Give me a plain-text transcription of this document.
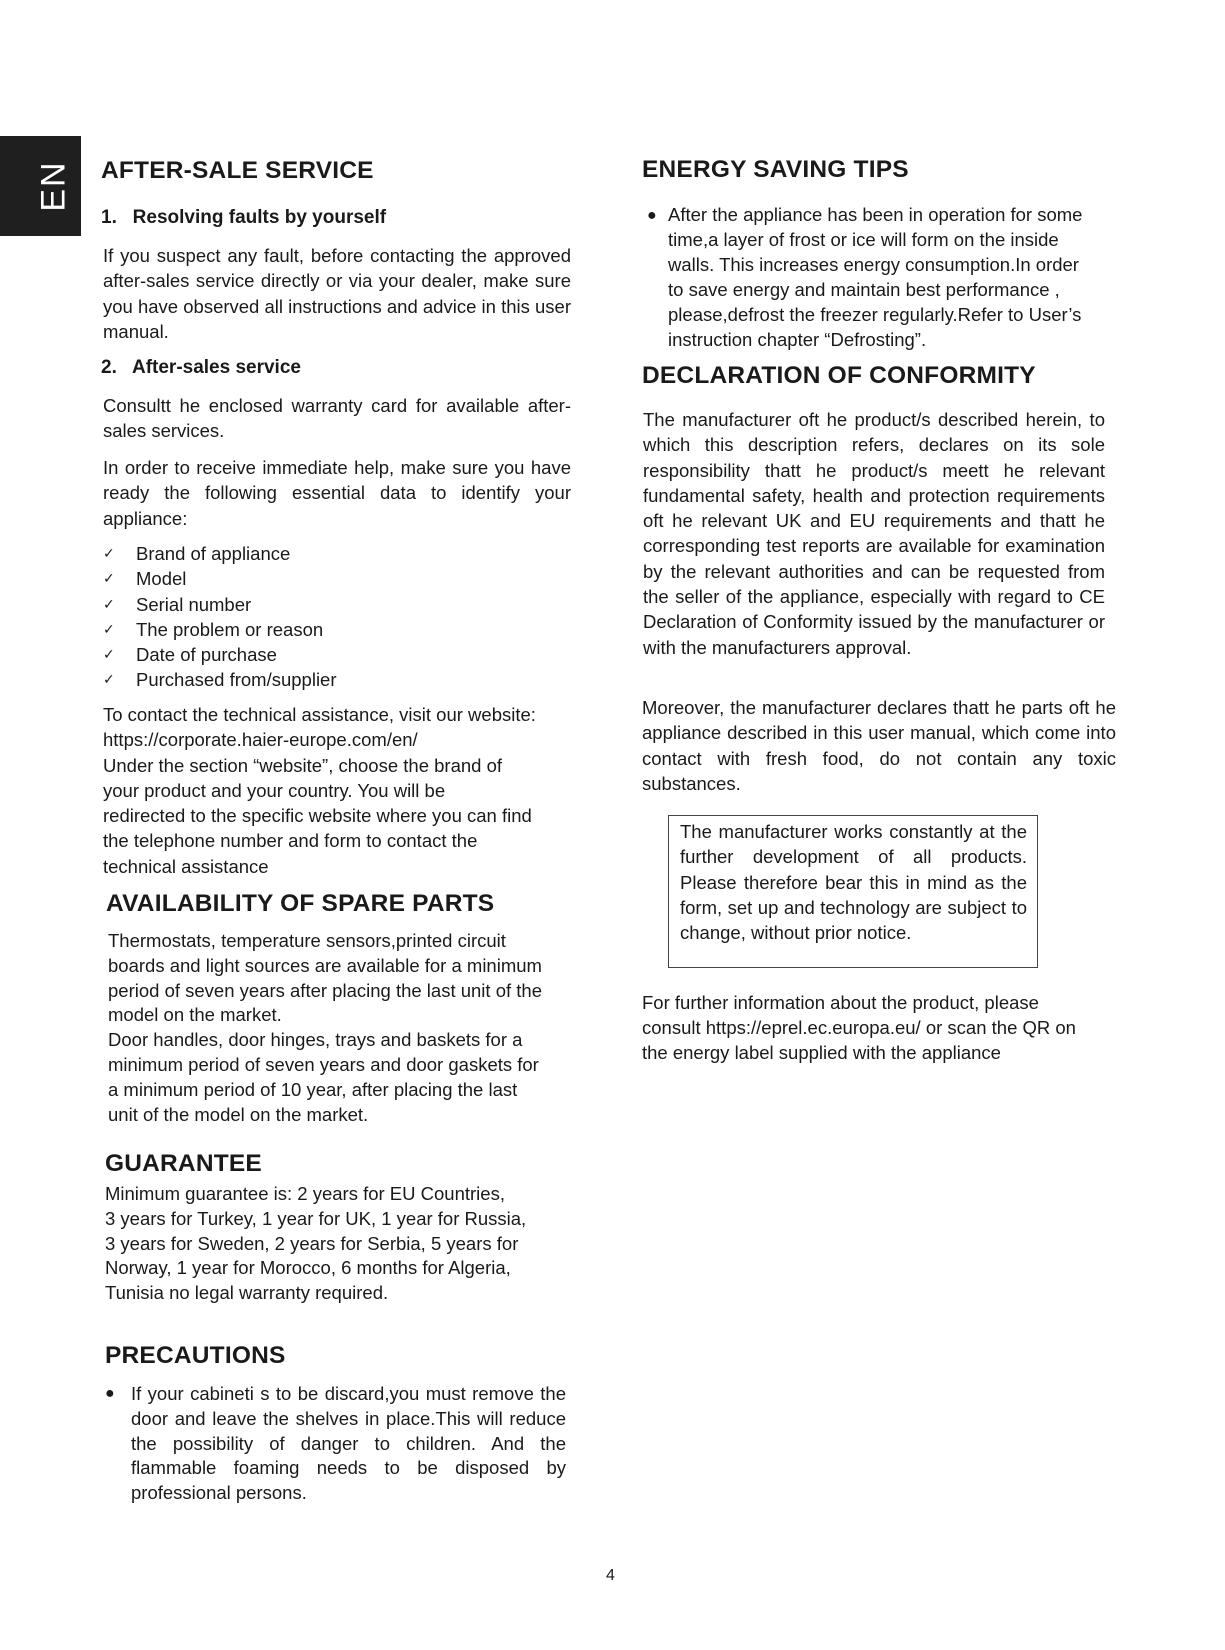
EN AFTER-SALE SERVICE
1.   Resolving faults by yourself

If you suspect any fault, before contacting the approved after-sales service directly or via your dealer, make sure you have observed all instructions and advice in this user manual.

2.   After-sales service

Consultt he enclosed warranty card for available after-sales services.

In order to receive immediate help, make sure you have ready the following essential data to identify your appliance:

✓ Brand of appliance
✓ Model
✓ Serial number
✓ The problem or reason
✓ Date of purchase
✓ Purchased from/supplier

To contact the technical assistance, visit our website:
https://corporate.haier-europe.com/en/
Under the section “website”, choose the brand of
your product and your country. You will be
redirected to the specific website where you can find
the telephone number and form to contact the
technical assistance

AVAILABILITY OF SPARE PARTS

Thermostats, temperature sensors,printed circuit
boards and light sources are available for a minimum
period of seven years after placing the last unit of the
model on the market.
Door handles, door hinges, trays and baskets for a
minimum period of seven years and door gaskets for
a minimum period of 10 year, after placing the last
unit of the model on the market.

GUARANTEE

Minimum guarantee is: 2 years for EU Countries,
3 years for Turkey, 1 year for UK, 1 year for Russia,
3 years for Sweden, 2 years for Serbia, 5 years for
Norway, 1 year for Morocco, 6 months for Algeria,
Tunisia no legal warranty required.

PRECAUTIONS
● If your cabineti s to be discard,you must remove the door and leave the shelves in place.This will reduce the possibility of danger to children. And the flammable foaming needs to be disposed by professional persons.

ENERGY SAVING TIPS
● After the appliance has been in operation for some
time,a layer of frost or ice will form on the inside
walls. This increases energy consumption.In order
to save energy and maintain best performance ,
please,defrost the freezer regularly.Refer to User’s
instruction chapter “Defrosting”.

DECLARATION OF CONFORMITY

The manufacturer oft he product/s described herein, to which this description refers, declares on its sole responsibility thatt he product/s meett he relevant fundamental safety, health and protection requirements oft he relevant UK and EU requirements and thatt he corresponding test reports are available for examination by the relevant authorities and can be requested from the seller of the appliance, especially with regard to CE Declaration of Conformity issued by the manufacturer or with the manufacturers approval.

Moreover, the manufacturer declares thatt he parts oft he appliance described in this user manual, which come into contact with fresh food, do not contain any toxic substances.

The manufacturer works constantly at the further development of all products. Please therefore bear this in mind as the form, set up and technology are subject to change, without prior notice.

For further information about the product, please
consult https://eprel.ec.europa.eu/ or scan the QR on
the energy label supplied with the appliance

4
